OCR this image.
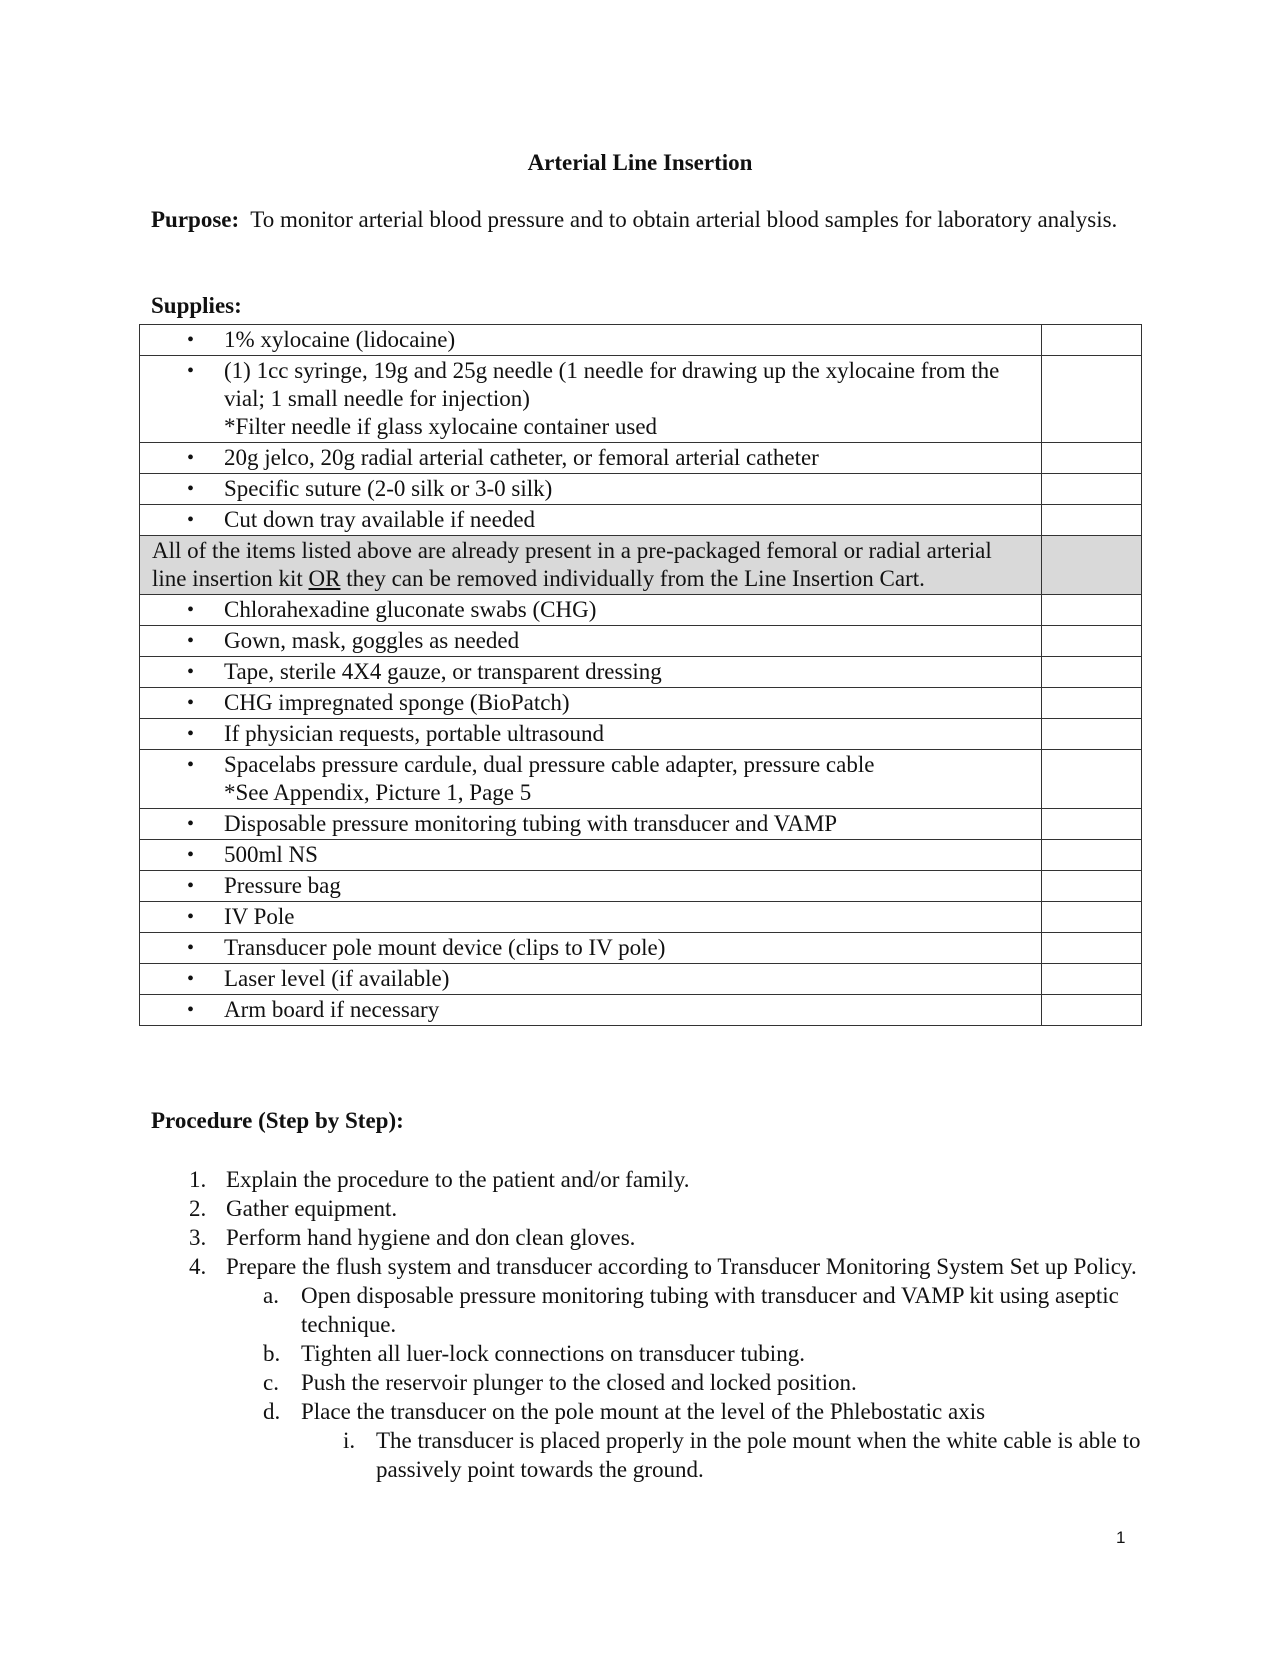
Arterial Line Insertion
Purpose: To monitor arterial blood pressure and to obtain arterial blood samples for laboratory analysis.
Supplies:
• 1% xylocaine (lidocaine)	

• (1) 1cc syringe, 19g and 25g needle (1 needle for drawing up the xylocaine from the vial; 1 small needle for injection)
*Filter needle if glass xylocaine container used	

• 20g jelco, 20g radial arterial catheter, or femoral arterial catheter	

• Specific suture (2-0 silk or 3-0 silk)	

• Cut down tray available if needed	

All of the items listed above are already present in a pre-packaged femoral or radial arterial line insertion kit OR they can be removed individually from the Line Insertion Cart.	

• Chlorahexadine gluconate swabs (CHG)	

• Gown, mask, goggles as needed	

• Tape, sterile 4X4 gauze, or transparent dressing	

• CHG impregnated sponge (BioPatch)	

• If physician requests, portable ultrasound	

• Spacelabs pressure cardule, dual pressure cable adapter, pressure cable
*See Appendix, Picture 1, Page 5	

• Disposable pressure monitoring tubing with transducer and VAMP	

• 500ml NS	

• Pressure bag	

• IV Pole	

• Transducer pole mount device (clips to IV pole)	

• Laser level (if available)	

• Arm board if necessary	

Procedure (Step by Step):
1. Explain the procedure to the patient and/or family.
2. Gather equipment.
3. Perform hand hygiene and don clean gloves.
4. Prepare the flush system and transducer according to Transducer Monitoring System Set up Policy.
a. Open disposable pressure monitoring tubing with transducer and VAMP kit using aseptic technique.
b. Tighten all luer-lock connections on transducer tubing.
c. Push the reservoir plunger to the closed and locked position.
d. Place the transducer on the pole mount at the level of the Phlebostatic axis
i. The transducer is placed properly in the pole mount when the white cable is able to passively point towards the ground.
1
